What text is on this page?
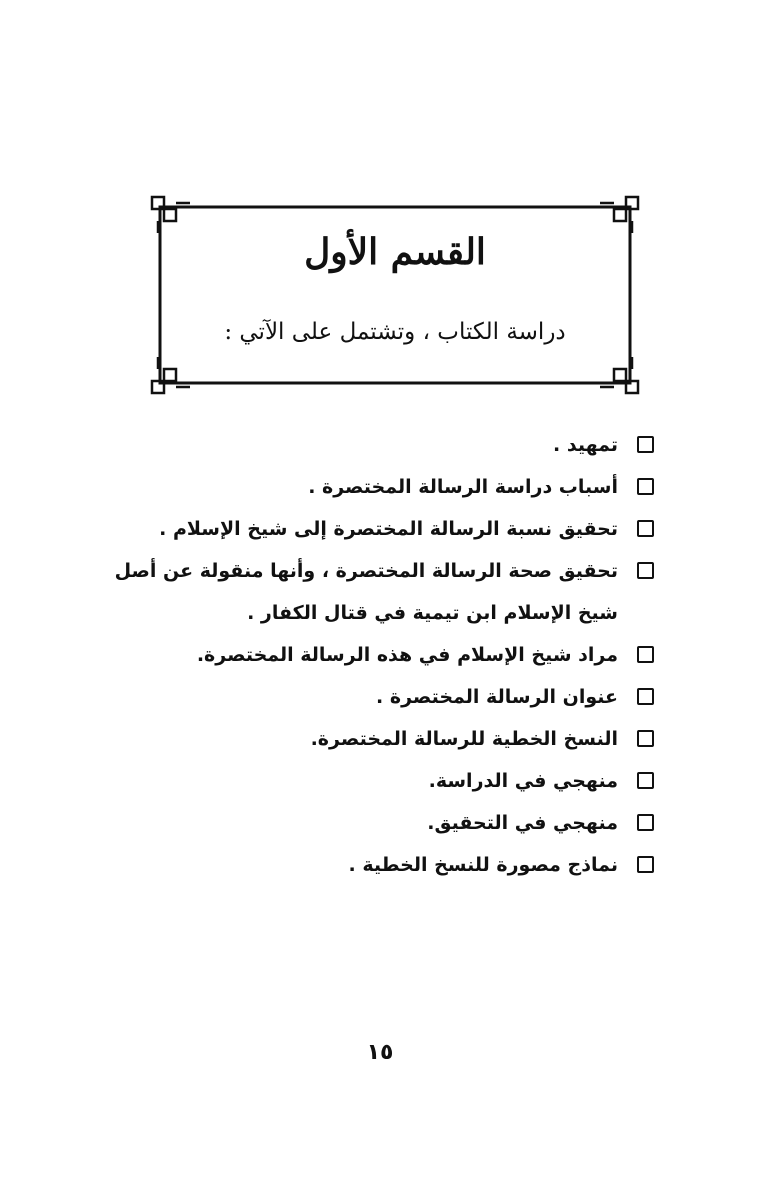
القسم الأول
دراسة الكتاب ، وتشتمل على الآتي :
تمهيد .
أسباب دراسة الرسالة المختصرة .
تحقيق نسبة الرسالة المختصرة إلى شيخ الإسلام .
تحقيق صحة الرسالة المختصرة ، وأنها منقولة عن أصل شيخ الإسلام ابن تيمية في قتال الكفار .
مراد شيخ الإسلام في هذه الرسالة المختصرة.
عنوان الرسالة المختصرة .
النسخ الخطية للرسالة المختصرة.
منهجي في الدراسة.
منهجي في التحقيق.
نماذج مصورة للنسخ الخطية .
١٥
